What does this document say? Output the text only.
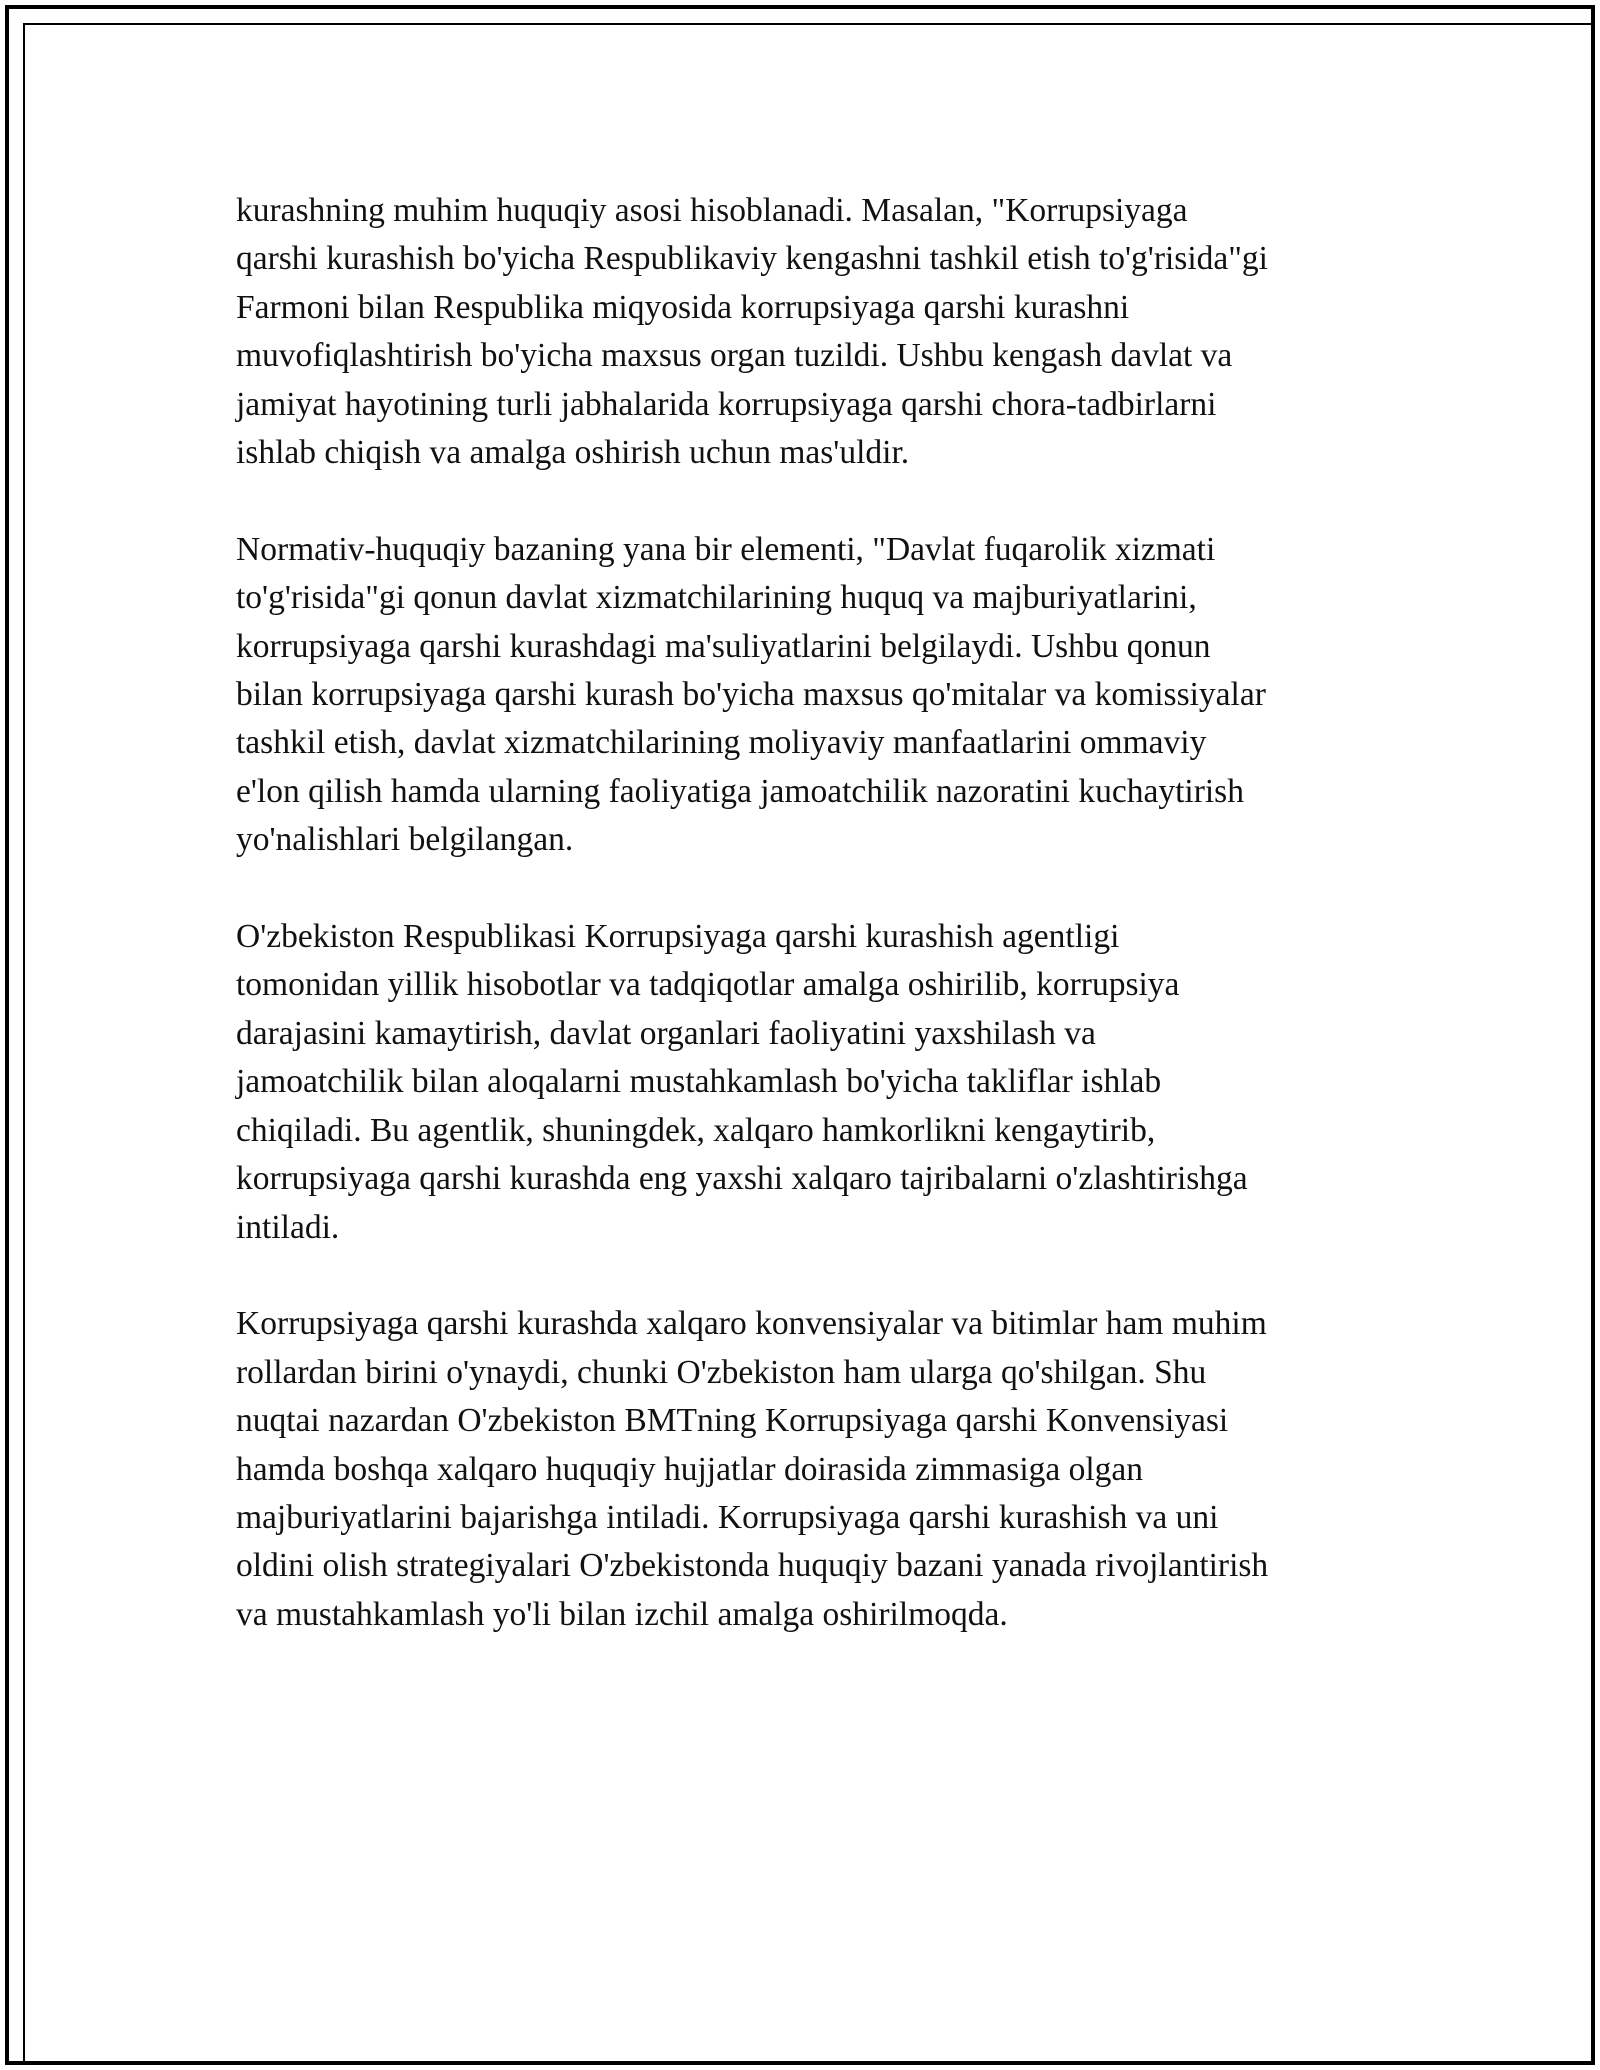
kurashning muhim huquqiy asosi hisoblanadi. Masalan, "Korrupsiyaga
qarshi kurashish bo'yicha Respublikaviy kengashni tashkil etish to'g'risida"gi
Farmoni bilan Respublika miqyosida korrupsiyaga qarshi kurashni
muvofiqlashtirish bo'yicha maxsus organ tuzildi. Ushbu kengash davlat va
jamiyat hayotining turli jabhalarida korrupsiyaga qarshi chora-tadbirlarni
ishlab chiqish va amalga oshirish uchun mas'uldir.

Normativ-huquqiy bazaning yana bir elementi, "Davlat fuqarolik xizmati
to'g'risida"gi qonun davlat xizmatchilarining huquq va majburiyatlarini,
korrupsiyaga qarshi kurashdagi ma'suliyatlarini belgilaydi. Ushbu qonun
bilan korrupsiyaga qarshi kurash bo'yicha maxsus qo'mitalar va komissiyalar
tashkil etish, davlat xizmatchilarining moliyaviy manfaatlarini ommaviy
e'lon qilish hamda ularning faoliyatiga jamoatchilik nazoratini kuchaytirish
yo'nalishlari belgilangan.

O'zbekiston Respublikasi Korrupsiyaga qarshi kurashish agentligi
tomonidan yillik hisobotlar va tadqiqotlar amalga oshirilib, korrupsiya
darajasini kamaytirish, davlat organlari faoliyatini yaxshilash va
jamoatchilik bilan aloqalarni mustahkamlash bo'yicha takliflar ishlab
chiqiladi. Bu agentlik, shuningdek, xalqaro hamkorlikni kengaytirib,
korrupsiyaga qarshi kurashda eng yaxshi xalqaro tajribalarni o'zlashtirishga
intiladi.

Korrupsiyaga qarshi kurashda xalqaro konvensiyalar va bitimlar ham muhim
rollardan birini o'ynaydi, chunki O'zbekiston ham ularga qo'shilgan. Shu
nuqtai nazardan O'zbekiston BMTning Korrupsiyaga qarshi Konvensiyasi
hamda boshqa xalqaro huquqiy hujjatlar doirasida zimmasiga olgan
majburiyatlarini bajarishga intiladi. Korrupsiyaga qarshi kurashish va uni
oldini olish strategiyalari O'zbekistonda huquqiy bazani yanada rivojlantirish
va mustahkamlash yo'li bilan izchil amalga oshirilmoqda.
